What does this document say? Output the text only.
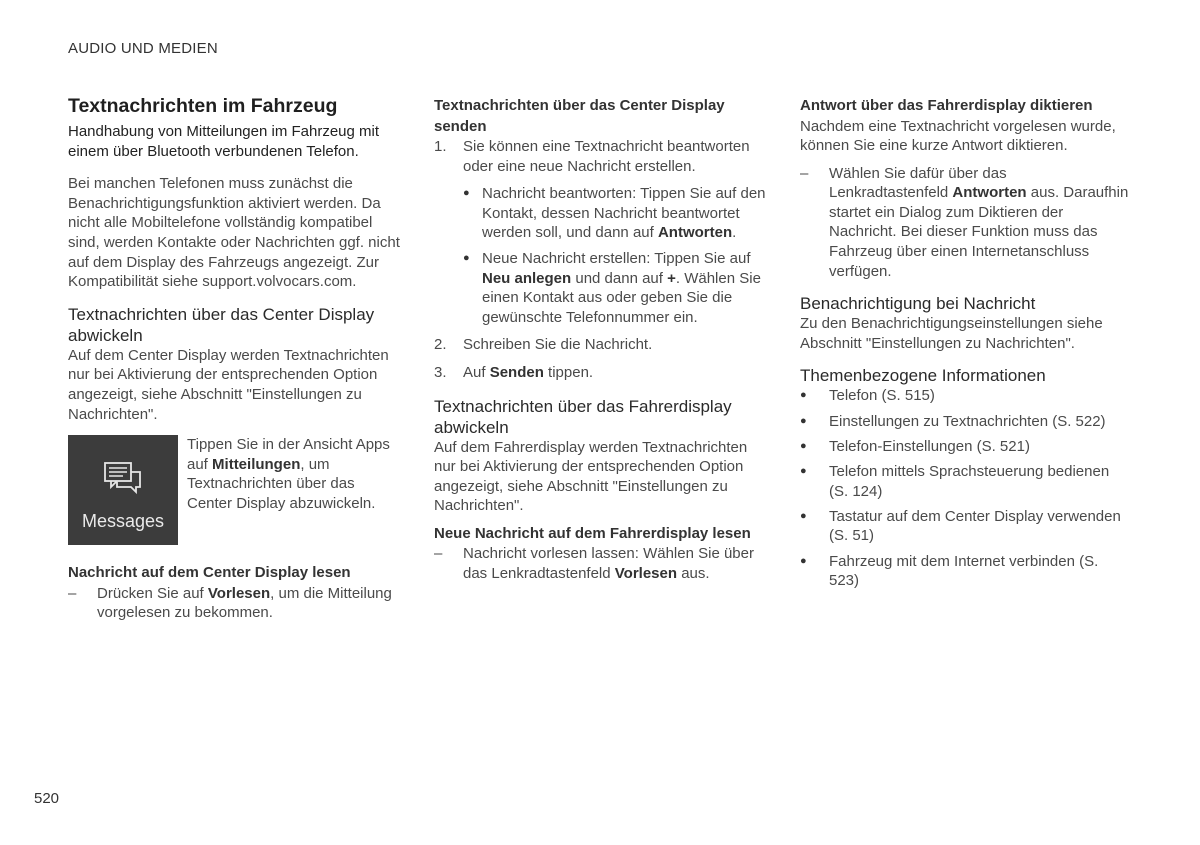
AUDIO UND MEDIEN
Textnachrichten im Fahrzeug

Handhabung von Mitteilungen im Fahrzeug mit einem über Bluetooth verbundenen Telefon.

Bei manchen Telefonen muss zunächst die Benachrichtigungsfunktion aktiviert werden. Da nicht alle Mobiltelefone vollständig kompatibel sind, werden Kontakte oder Nachrichten ggf. nicht auf dem Display des Fahrzeugs angezeigt. Zur Kompatibilität siehe support.volvocars.com.

Textnachrichten über das Center Display abwickeln

Auf dem Center Display werden Textnachrichten nur bei Aktivierung der entsprechenden Option angezeigt, siehe Abschnitt "Einstellungen zu Nachrichten".

Messages

Tippen Sie in der Ansicht Apps auf Mitteilungen, um Textnachrichten über das Center Display abzuwickeln.

Nachricht auf dem Center Display lesen
–	Drücken Sie auf Vorlesen, um die Mitteilung vorgelesen zu bekommen.

Textnachrichten über das Center Display senden
1.	Sie können eine Textnachricht beantworten oder eine neue Nachricht erstellen.

● Nachricht beantworten: Tippen Sie auf den Kontakt, dessen Nachricht beantwortet werden soll, und dann auf Antworten.

● Neue Nachricht erstellen: Tippen Sie auf Neu anlegen und dann auf +. Wählen Sie einen Kontakt aus oder geben Sie die gewünschte Telefonnummer ein.

2.	Schreiben Sie die Nachricht.

3.	Auf Senden tippen.

Textnachrichten über das Fahrerdisplay abwickeln

Auf dem Fahrerdisplay werden Textnachrichten nur bei Aktivierung der entsprechenden Option angezeigt, siehe Abschnitt "Einstellungen zu Nachrichten".

Neue Nachricht auf dem Fahrerdisplay lesen
–	Nachricht vorlesen lassen: Wählen Sie über das Lenkradtastenfeld Vorlesen aus.

Antwort über das Fahrerdisplay diktieren

Nachdem eine Textnachricht vorgelesen wurde, können Sie eine kurze Antwort diktieren.

–	Wählen Sie dafür über das Lenkradtastenfeld Antworten aus. Daraufhin startet ein Dialog zum Diktieren der Nachricht. Bei dieser Funktion muss das Fahrzeug über einen Internetanschluss verfügen.

Benachrichtigung bei Nachricht

Zu den Benachrichtigungseinstellungen siehe Abschnitt "Einstellungen zu Nachrichten".

Themenbezogene Informationen
●	Telefon (S. 515)

●	Einstellungen zu Textnachrichten (S. 522)

●	Telefon-Einstellungen (S. 521)

●	Telefon mittels Sprachsteuerung bedienen (S. 124)

●	Tastatur auf dem Center Display verwenden (S. 51)

●	Fahrzeug mit dem Internet verbinden (S. 523)

520
